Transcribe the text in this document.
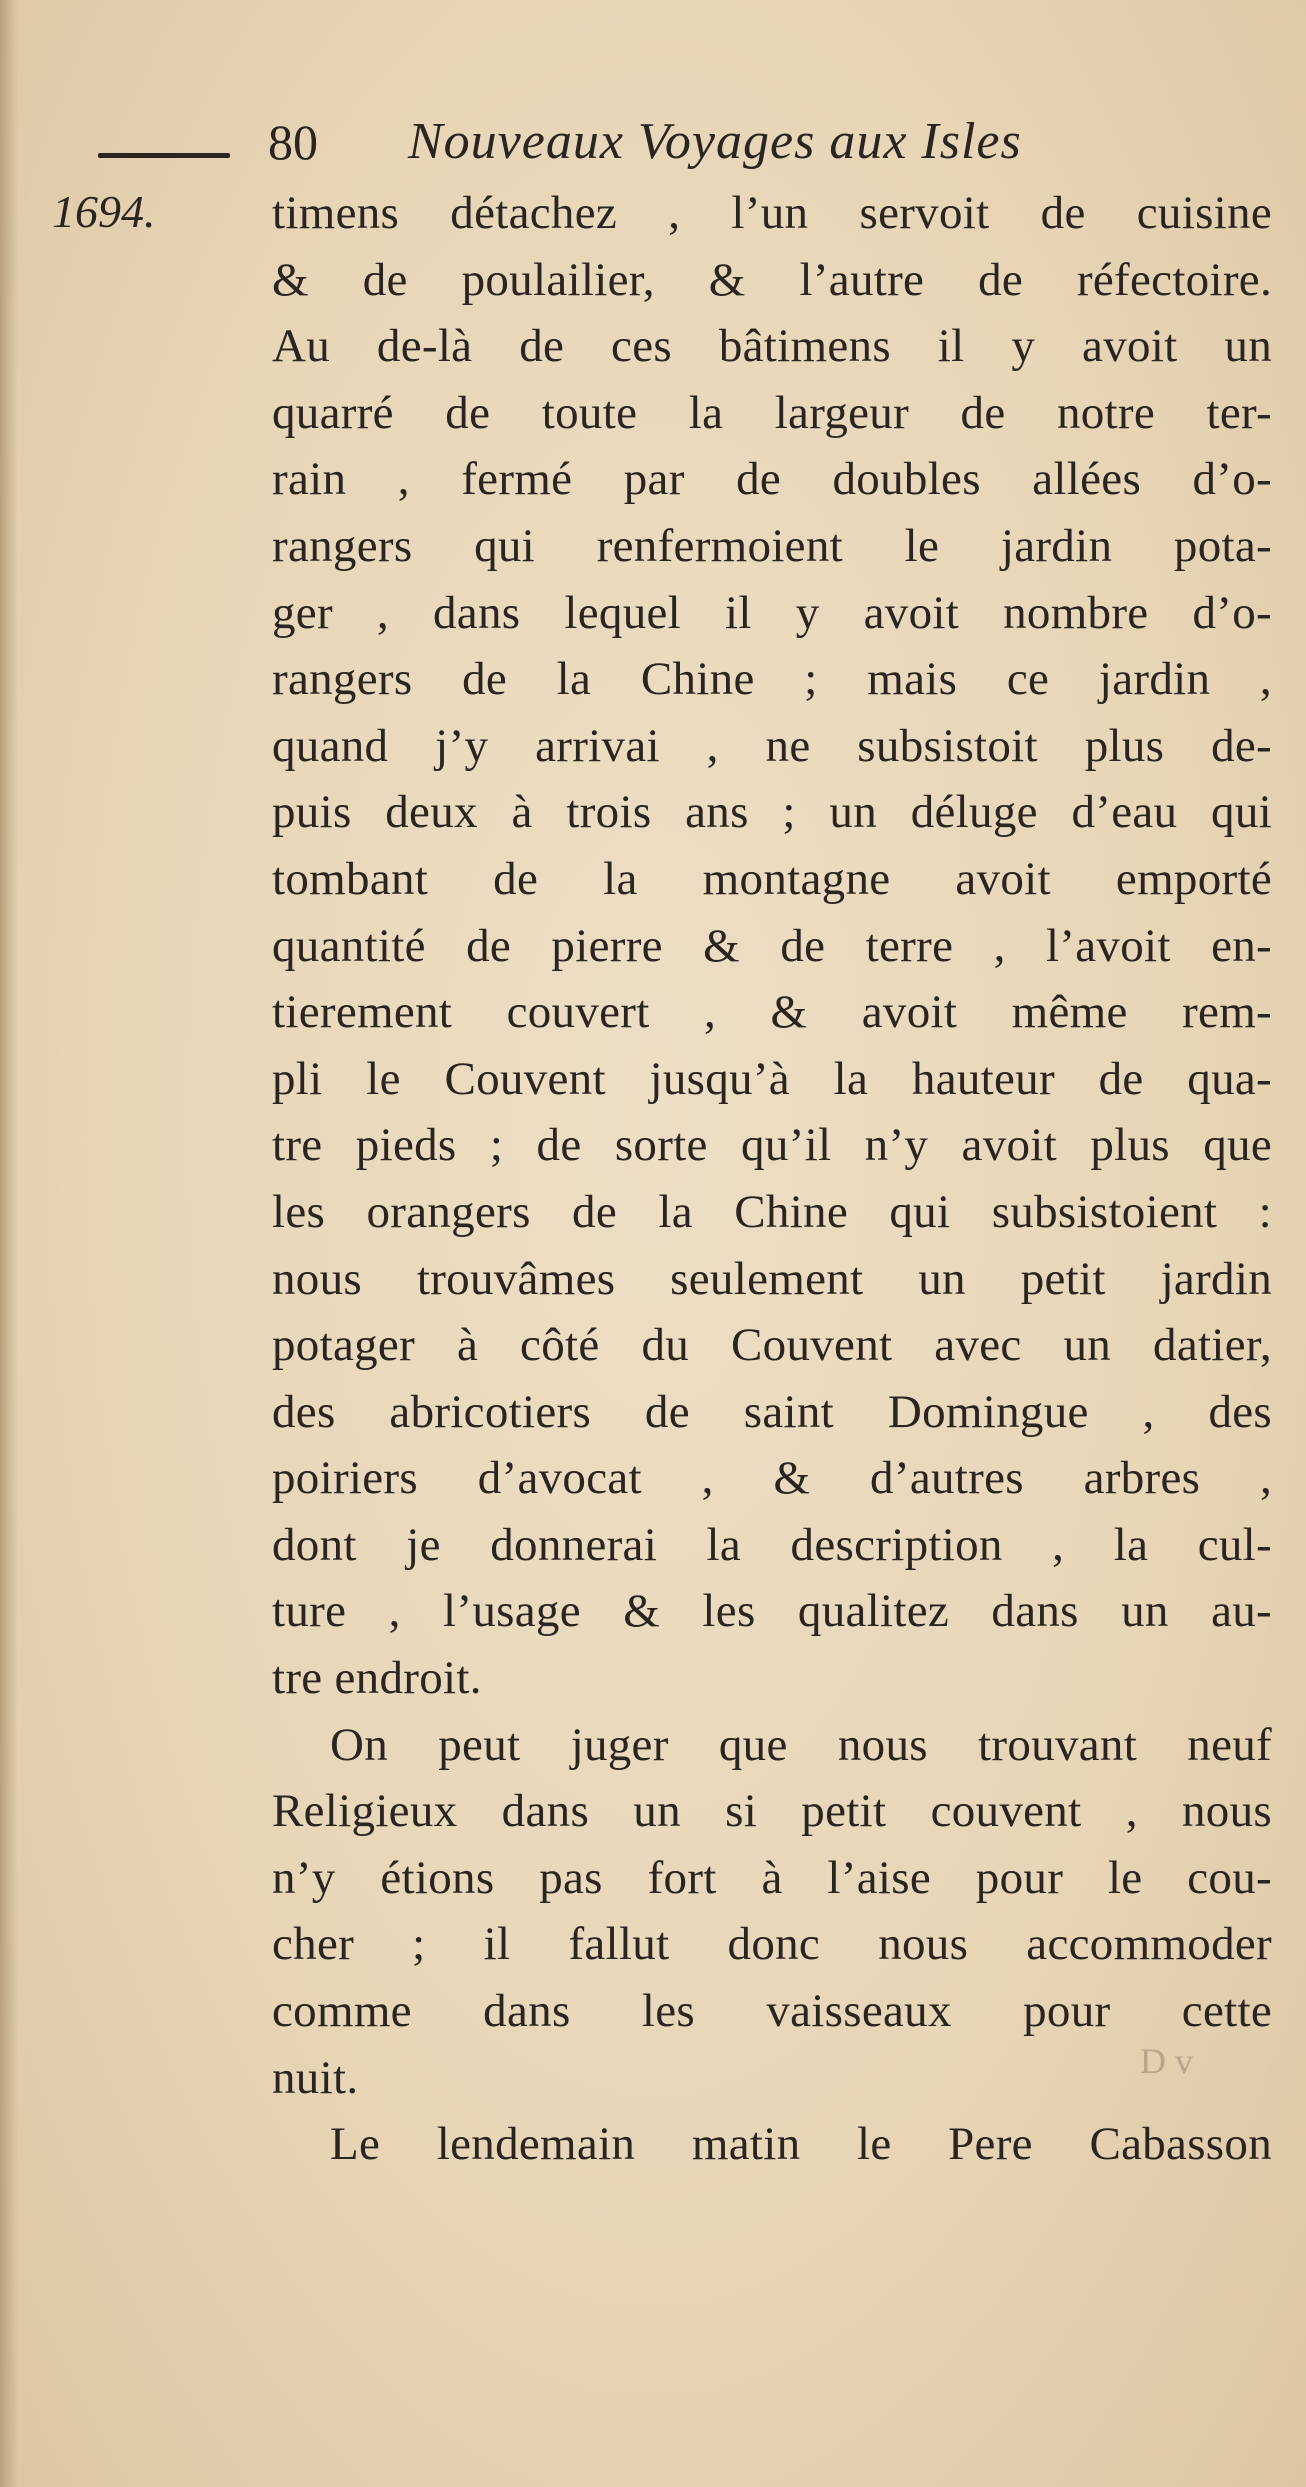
80 Nouveaux Voyages aux Isles
1694. timens détachez , l’un servoit de cuisine
& de poulailier, & l’autre de réfectoire.
Au de-là de ces bâtimens il y avoit un
quarré de toute la largeur de notre ter-
rain , fermé par de doubles allées d’o-
rangers qui renfermoient le jardin pota-
ger , dans lequel il y avoit nombre d’o-
rangers de la Chine ; mais ce jardin ,
quand j’y arrivai , ne subsistoit plus de-
puis deux à trois ans ; un déluge d’eau qui
tombant de la montagne avoit emporté
quantité de pierre & de terre , l’avoit en-
tierement couvert , & avoit même rem-
pli le Couvent jusqu’à la hauteur de qua-
tre pieds ; de sorte qu’il n’y avoit plus que
les orangers de la Chine qui subsistoient :
nous trouvâmes seulement un petit jardin
potager à côté du Couvent avec un datier,
des abricotiers de saint Domingue , des
poiriers d’avocat , & d’autres arbres ,
dont je donnerai la description , la cul-
ture , l’usage & les qualitez dans un au-
tre endroit.
On peut juger que nous trouvant neuf
Religieux dans un si petit couvent , nous
n’y étions pas fort à l’aise pour le cou-
cher ; il fallut donc nous accommoder
comme dans les vaisseaux pour cette
nuit.
Le lendemain matin le Pere Cabasson
D v
